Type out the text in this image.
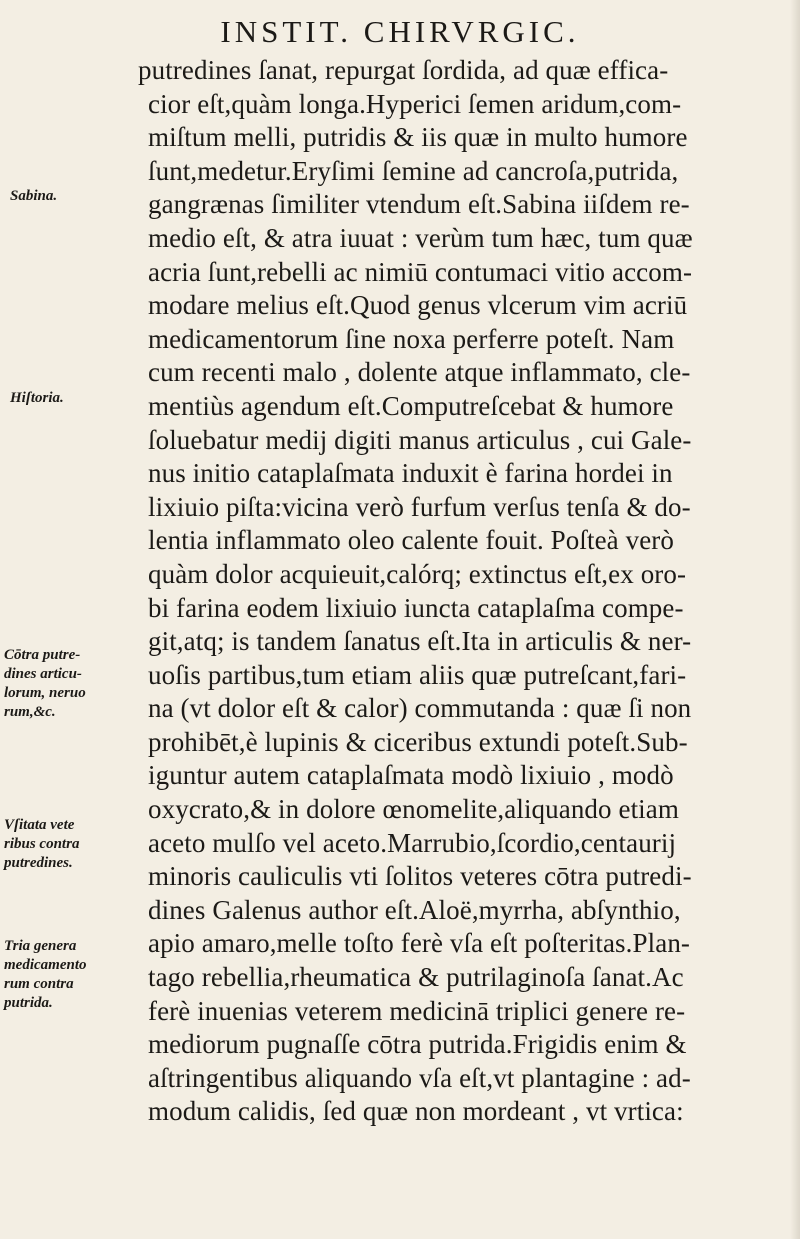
INSTIT. CHIRVRGIC.
putredines ſanat, repurgat ſordida, ad quæ effica-
cior eſt,quàm longa.Hyperici ſemen aridum,com-
miſtum melli, putridis & iis quæ in multo humore
ſunt,medetur.Eryſimi ſemine ad cancroſa,putrida,
gangrænas ſimiliter vtendum eſt.Sabina iiſdem re-
medio eſt, & atra iuuat : verùm tum hæc, tum quæ
acria ſunt,rebelli ac nimiū contumaci vitio accom-
modare melius eſt.Quod genus vlcerum vim acriū
medicamentorum ſine noxa perferre poteſt. Nam
cum recenti malo , dolente atque inflammato, cle-
mentiùs agendum eſt.Computreſcebat & humore
ſoluebatur medij digiti manus articulus , cui Gale-
nus initio cataplaſmata induxit è farina hordei in
lixiuio piſta:vicina verò furfum verſus tenſa & do-
lentia inflammato oleo calente fouit. Poſteà verò
quàm dolor acquieuit,calórq; extinctus eſt,ex oro-
bi farina eodem lixiuio iuncta cataplaſma compe-
git,atq; is tandem ſanatus eſt.Ita in articulis & ner-
uoſis partibus,tum etiam aliis quæ putreſcant,fari-
na (vt dolor eſt & calor) commutanda : quæ ſi non
prohibēt,è lupinis & ciceribus extundi poteſt.Sub-
iguntur autem cataplaſmata modò lixiuio , modò
oxycrato,& in dolore œnomelite,aliquando etiam
aceto mulſo vel aceto.Marrubio,ſcordio,centaurij
minoris cauliculis vti ſolitos veteres cōtra putredi-
dines Galenus author eſt.Aloë,myrrha, abſynthio,
apio amaro,melle toſto ferè vſa eſt poſteritas.Plan-
tago rebellia,rheumatica & putrilaginoſa ſanat.Ac
ferè inuenias veterem medicinā triplici genere re-
mediorum pugnaſſe cōtra putrida.Frigidis enim &
aſtringentibus aliquando vſa eſt,vt plantagine : ad-
modum calidis, ſed quæ non mordeant , vt vrtica:
Sabina.
Hiſtoria.
Cōtra putre-
dines articu-
lorum, neruo
rum,&c.
Vſitata vete
ribus contra
putredines.
Tria genera
medicamento
rum contra
putrida.
